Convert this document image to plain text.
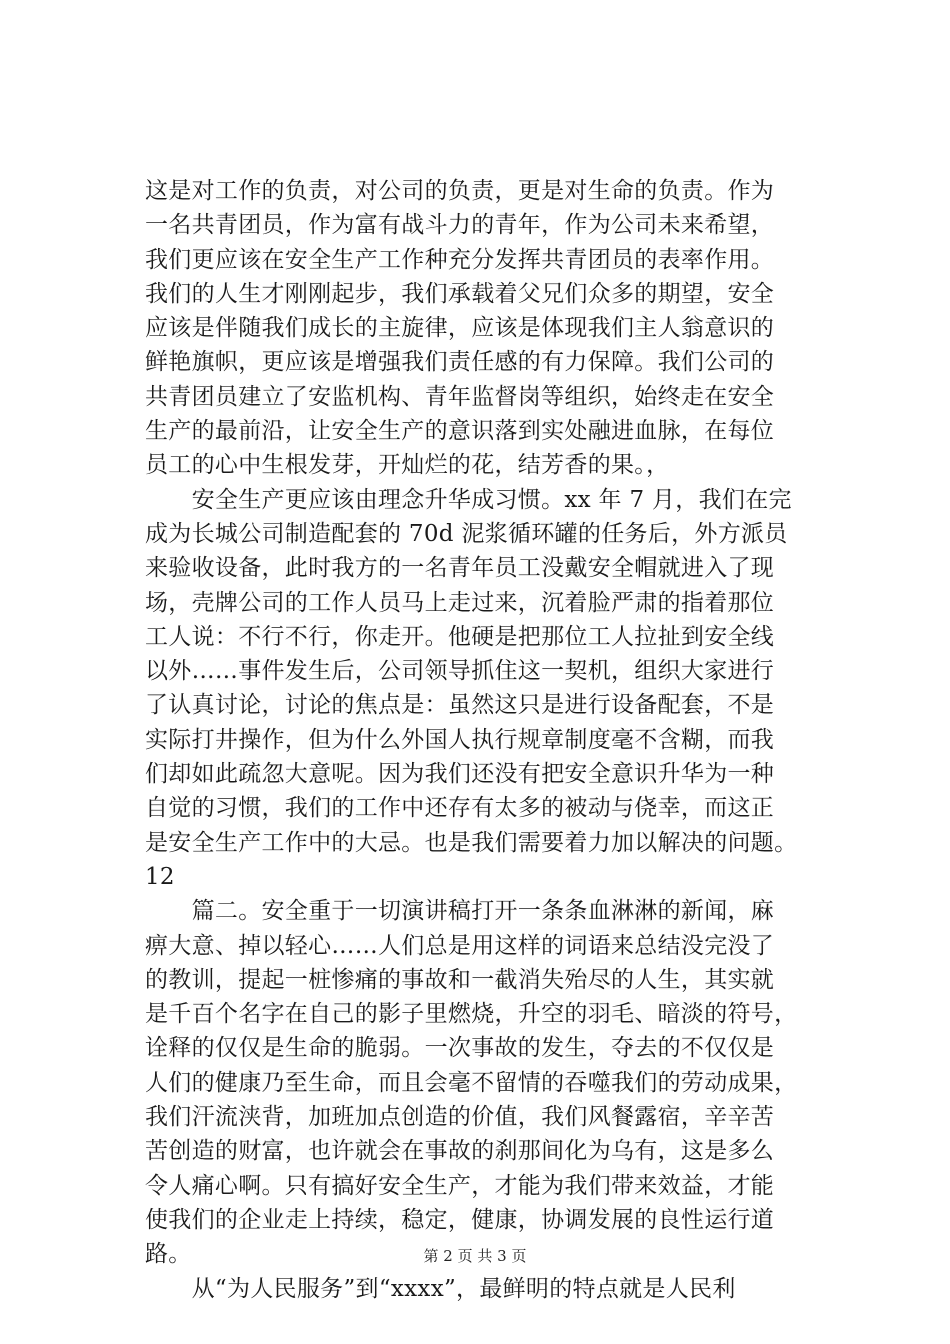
这是对工作的负责，对公司的负责，更是对生命的负责。作为
一名共青团员，作为富有战斗力的青年，作为公司未来希望，
我们更应该在安全生产工作种充分发挥共青团员的表率作用。
我们的人生才刚刚起步，我们承载着父兄们众多的期望，安全
应该是伴随我们成长的主旋律，应该是体现我们主人翁意识的
鲜艳旗帜，更应该是增强我们责任感的有力保障。我们公司的
共青团员建立了安监机构、青年监督岗等组织，始终走在安全
生产的最前沿，让安全生产的意识落到实处融进血脉，在每位
员工的心中生根发芽，开灿烂的花，结芳香的果。，
　　安全生产更应该由理念升华成习惯。xx 年 7 月，我们在完
成为长城公司制造配套的 70d 泥浆循环罐的任务后，外方派员
来验收设备，此时我方的一名青年员工没戴安全帽就进入了现
场，壳牌公司的工作人员马上走过来，沉着脸严肃的指着那位
工人说：不行不行，你走开。他硬是把那位工人拉扯到安全线
以外……事件发生后，公司领导抓住这一契机，组织大家进行
了认真讨论，讨论的焦点是：虽然这只是进行设备配套，不是
实际打井操作，但为什么外国人执行规章制度毫不含糊，而我
们却如此疏忽大意呢。因为我们还没有把安全意识升华为一种
自觉的习惯，我们的工作中还存有太多的被动与侥幸，而这正
是安全生产工作中的大忌。也是我们需要着力加以解决的问题。
12
　　篇二。安全重于一切演讲稿打开一条条血淋淋的新闻，麻
痹大意、掉以轻心……人们总是用这样的词语来总结没完没了
的教训，提起一桩惨痛的事故和一截消失殆尽的人生，其实就
是千百个名字在自己的影子里燃烧，升空的羽毛、暗淡的符号，
诠释的仅仅是生命的脆弱。一次事故的发生，夺去的不仅仅是
人们的健康乃至生命，而且会毫不留情的吞噬我们的劳动成果，
我们汗流浃背，加班加点创造的价值，我们风餐露宿，辛辛苦
苦创造的财富，也许就会在事故的刹那间化为乌有，这是多么
令人痛心啊。只有搞好安全生产，才能为我们带来效益，才能
使我们的企业走上持续，稳定，健康，协调发展的良性运行道
路。
　　从“为人民服务”到“xxxx”，最鲜明的特点就是人民利
第 2 页 共 3 页
